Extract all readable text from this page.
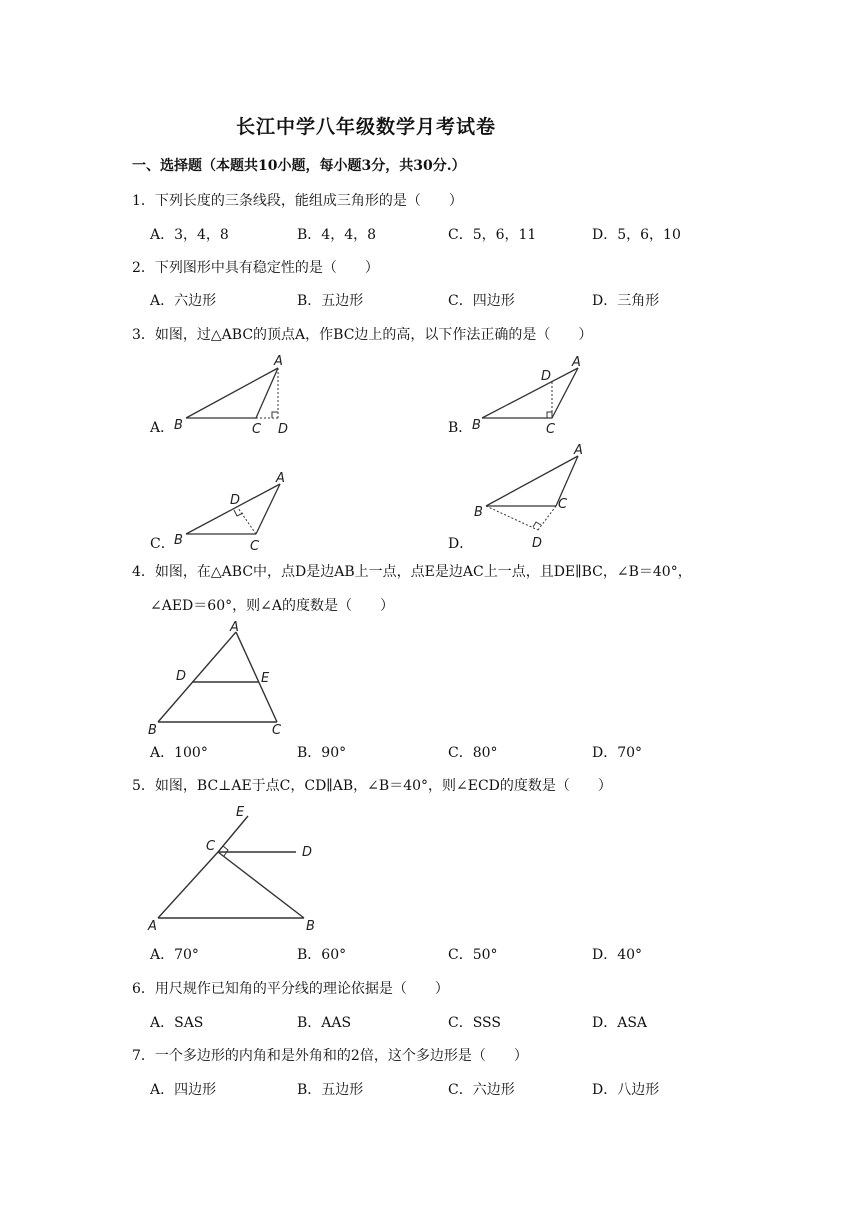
长江中学八年级数学月考试卷
一、选择题（本题共10小题，每小题3分，共30分.）
1．下列长度的三条线段，能组成三角形的是（　　）
A．3，4，8	B．4，4，8	C．5，6，11	D．5，6，10
2．下列图形中具有稳定性的是（　　）
A．六边形	B．五边形	C．四边形	D．三角形
3．如图，过△ABC的顶点A，作BC边上的高，以下作法正确的是（　　）
A．	B．
C．	D．
A
B	C D
A
D
B	C
A
D
B	C
A
B
C
D
4．如图，在△ABC中，点D是边AB上一点，点E是边AC上一点，且DE∥BC，∠B＝40°，
∠AED＝60°，则∠A的度数是（　　）
A
D	E
B	C
A．100°	B．90°	C．80°	D．70°
5．如图，BC⊥AE于点C，CD∥AB，∠B＝40°，则∠ECD的度数是（　　）
E
C	D
A	B
A．70°	B．60°	C．50°	D．40°
6．用尺规作已知角的平分线的理论依据是（　　）
A．SAS	B．AAS	C．SSS	D．ASA
7．一个多边形的内角和是外角和的2倍，这个多边形是（　　）
A．四边形	B．五边形	C．六边形	D．八边形
